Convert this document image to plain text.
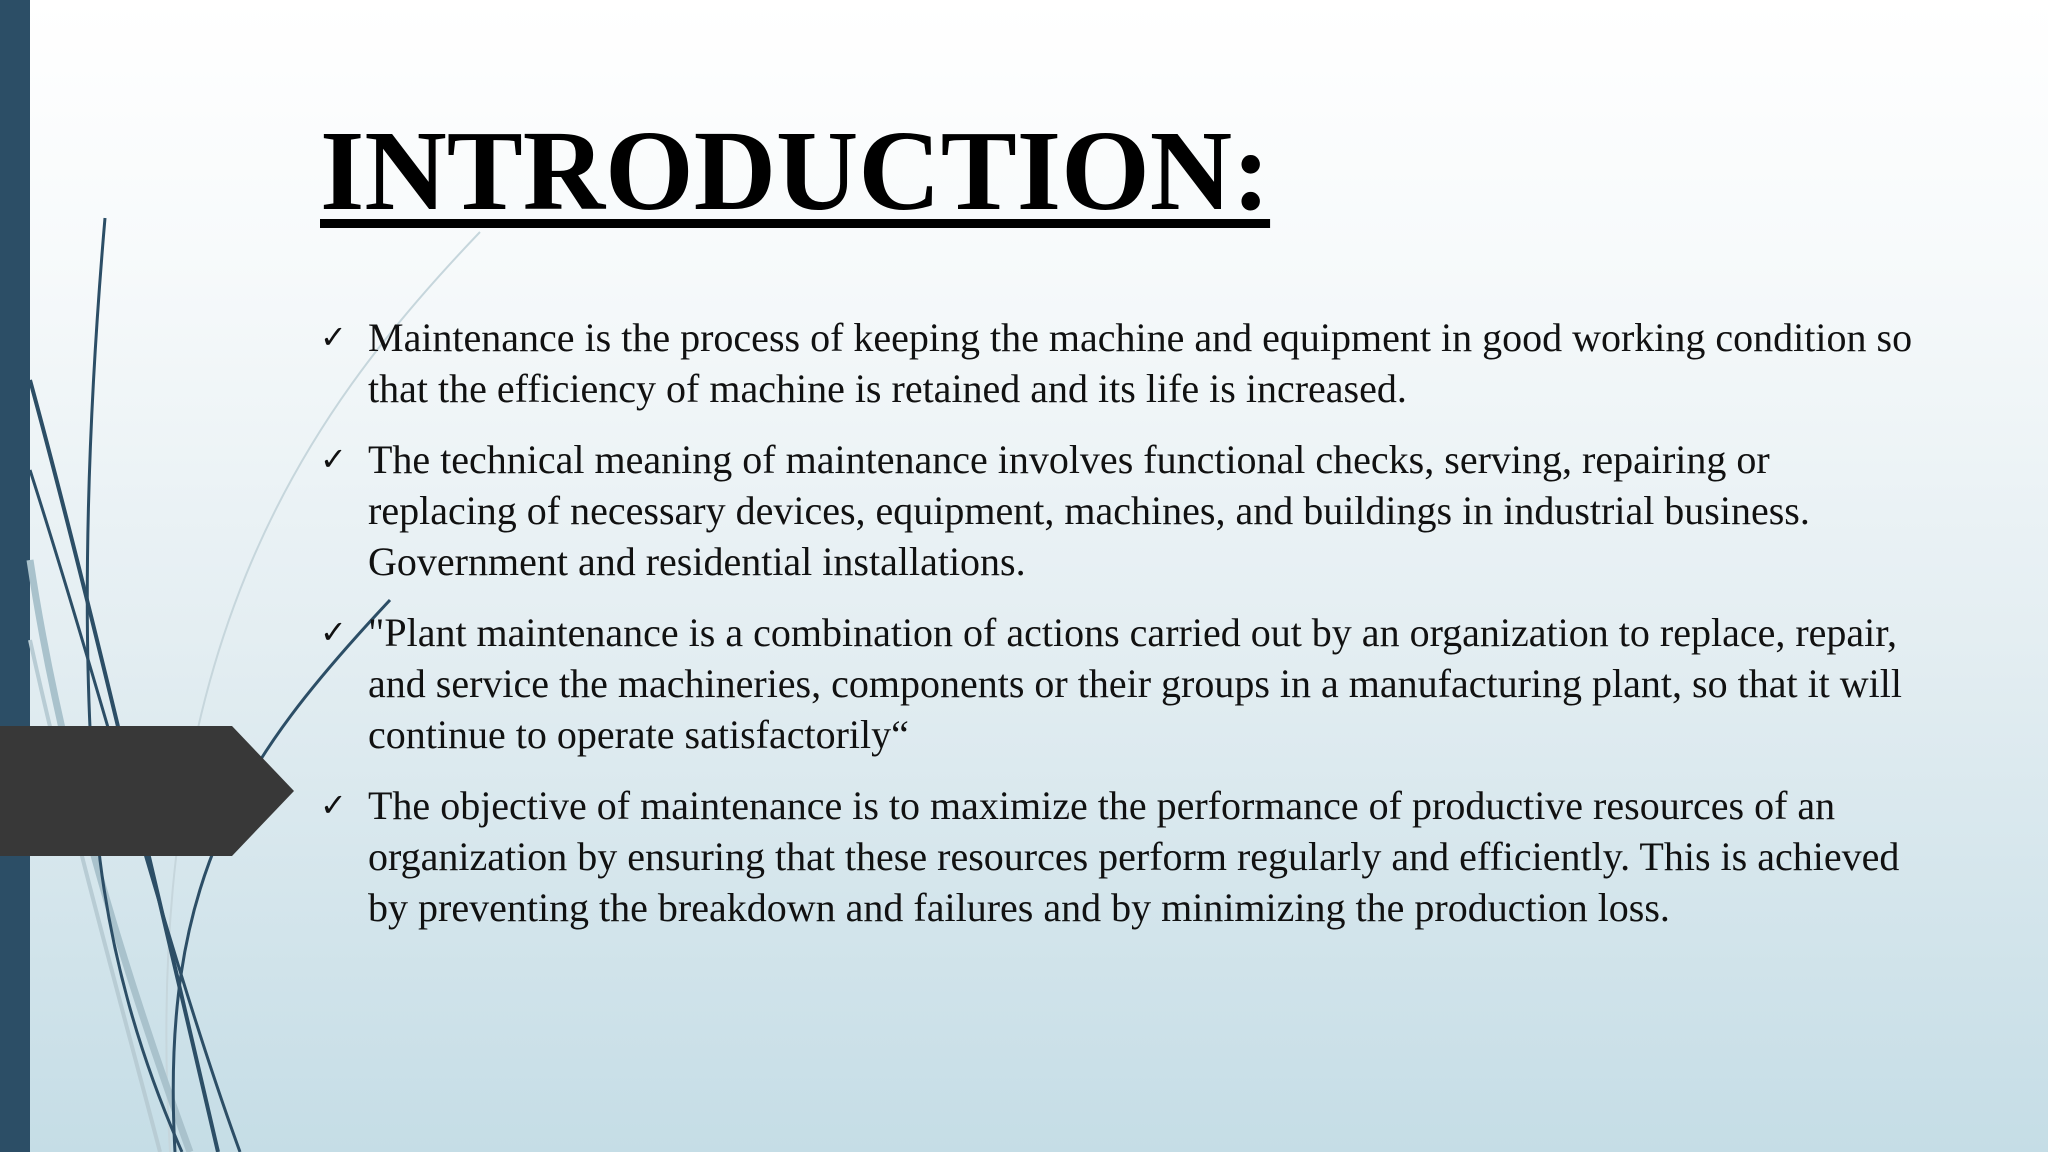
INTRODUCTION:
✓ Maintenance is the process of keeping the machine and equipment in good working condition so that the efficiency of machine is retained and its life is increased.
✓ The technical meaning of maintenance involves functional checks, serving, repairing or replacing of necessary devices, equipment, machines, and buildings in industrial business. Government and residential installations.
✓ "Plant maintenance is a combination of actions carried out by an organization to replace, repair, and service the machineries, components or their groups in a manufacturing plant, so that it will continue to operate satisfactorily“
✓ The objective of maintenance is to maximize the performance of productive resources of an organization by ensuring that these resources perform regularly and efficiently. This is achieved by preventing the breakdown and failures and by minimizing the production loss.
